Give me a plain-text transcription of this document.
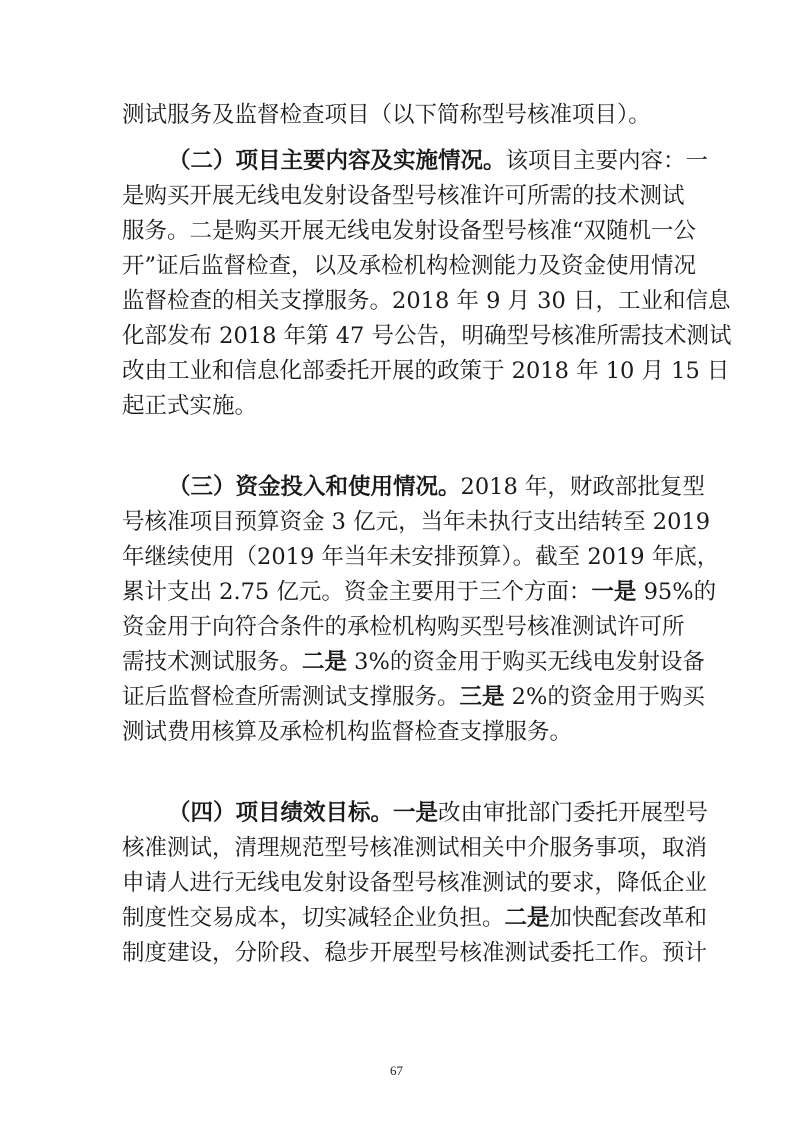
测试服务及监督检查项目（以下简称型号核准项目）。
（二）项目主要内容及实施情况。该项目主要内容：一
是购买开展无线电发射设备型号核准许可所需的技术测试
服务。二是购买开展无线电发射设备型号核准“双随机一公
开”证后监督检查，以及承检机构检测能力及资金使用情况
监督检查的相关支撑服务。2018 年 9 月 30 日，工业和信息
化部发布 2018 年第 47 号公告，明确型号核准所需技术测试
改由工业和信息化部委托开展的政策于 2018 年 10 月 15 日
起正式实施。
（三）资金投入和使用情况。2018 年，财政部批复型
号核准项目预算资金 3 亿元，当年未执行支出结转至 2019
年继续使用（2019 年当年未安排预算）。截至 2019 年底，
累计支出 2.75 亿元。资金主要用于三个方面：一是 95%的
资金用于向符合条件的承检机构购买型号核准测试许可所
需技术测试服务。二是 3%的资金用于购买无线电发射设备
证后监督检查所需测试支撑服务。三是 2%的资金用于购买
测试费用核算及承检机构监督检查支撑服务。
（四）项目绩效目标。一是改由审批部门委托开展型号
核准测试，清理规范型号核准测试相关中介服务事项，取消
申请人进行无线电发射设备型号核准测试的要求，降低企业
制度性交易成本，切实减轻企业负担。二是加快配套改革和
制度建设，分阶段、稳步开展型号核准测试委托工作。预计
67
